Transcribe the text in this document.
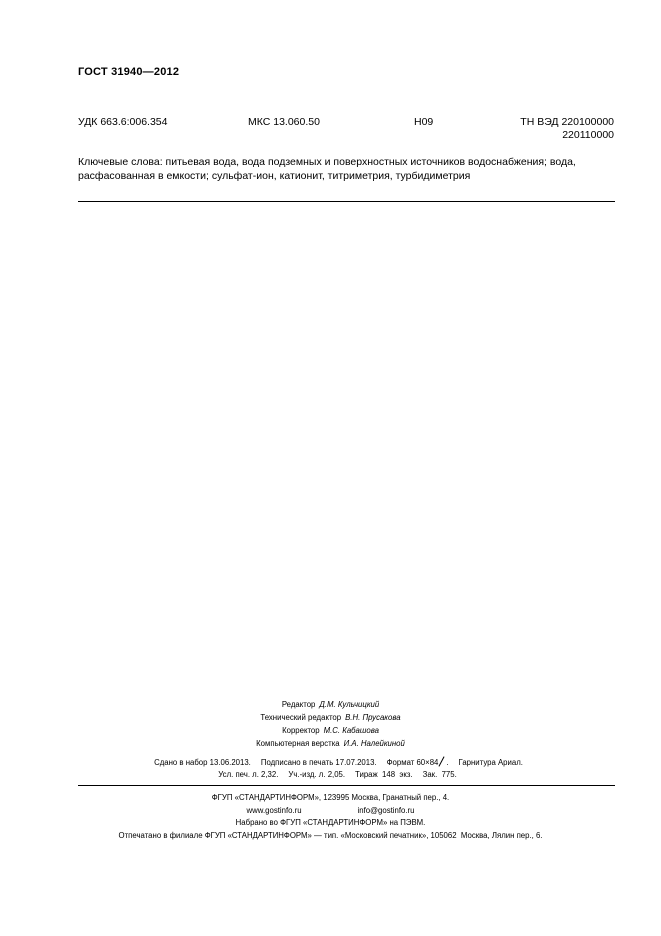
ГОСТ 31940—2012
УДК 663.6:006.354	МКС 13.060.50	Н09	ТН ВЭД 220100000
220110000
Ключевые слова: питьевая вода, вода подземных и поверхностных источников водоснабжения; вода, расфасованная в емкости; сульфат-ион, катионит, титриметрия, турбидиметрия
Редактор Д.М. Кульчицкий
Технический редактор В.Н. Прусакова
Корректор М.С. Кабашова
Компьютерная верстка И.А. Налейкиной
Сдано в набор 13.06.2013. Подписано в печать 17.07.2013. Формат 60×84 . Гарнитура Ариал.
Усл. печ. л. 2,32. Уч.-изд. л. 2,05. Тираж  148  экз. Зак.  775.
ФГУП «СТАНДАРТИНФОРМ», 123995 Москва, Гранатный пер., 4.
www.gostinfo.ru	info@gostinfo.ru
Набрано во ФГУП «СТАНДАРТИНФОРМ» на ПЭВМ.
Отпечатано в филиале ФГУП «СТАНДАРТИНФОРМ» — тип. «Московский печатник», 105062  Москва, Лялин пер., 6.
